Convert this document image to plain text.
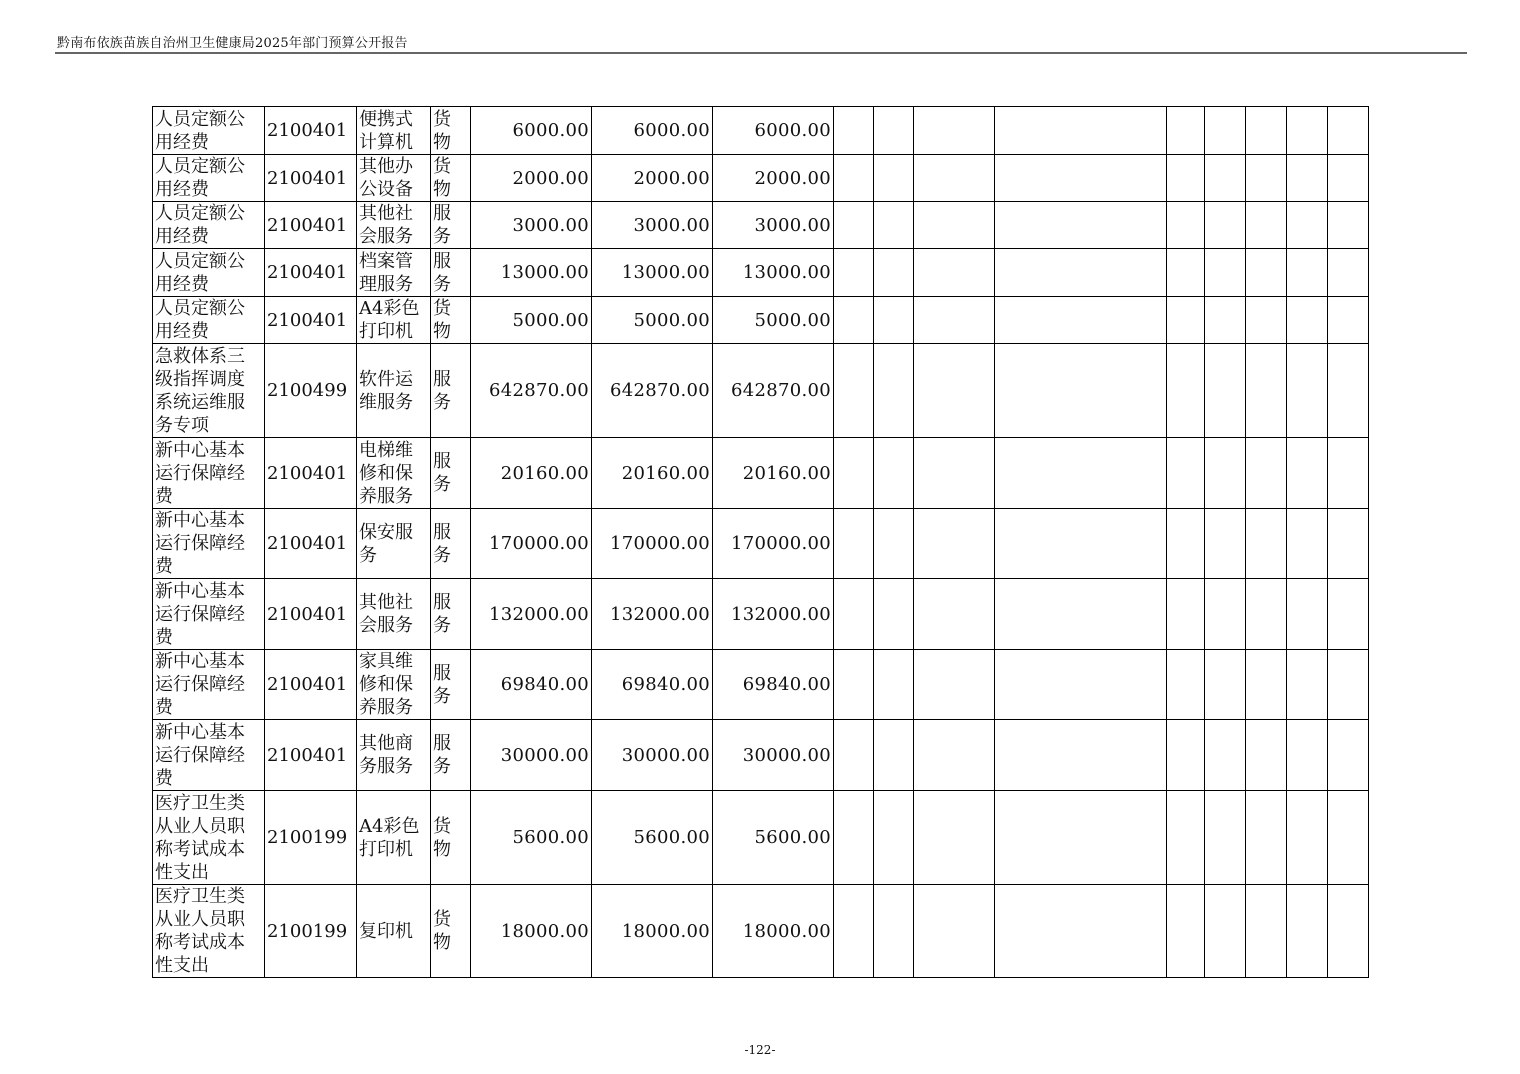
黔南布依族苗族自治州卫生健康局2025年部门预算公开报告
人员定额公用经费	2100401	便携式计算机	货物	6000.00	6000.00	6000.00									
人员定额公用经费	2100401	其他办公设备	货物	2000.00	2000.00	2000.00									
人员定额公用经费	2100401	其他社会服务	服务	3000.00	3000.00	3000.00									
人员定额公用经费	2100401	档案管理服务	服务	13000.00	13000.00	13000.00									
人员定额公用经费	2100401	A4彩色打印机	货物	5000.00	5000.00	5000.00									
急救体系三级指挥调度系统运维服务专项	2100499	软件运维服务	服务	642870.00	642870.00	642870.00									
新中心基本运行保障经费	2100401	电梯维修和保养服务	服务	20160.00	20160.00	20160.00									
新中心基本运行保障经费	2100401	保安服务	服务	170000.00	170000.00	170000.00									
新中心基本运行保障经费	2100401	其他社会服务	服务	132000.00	132000.00	132000.00									
新中心基本运行保障经费	2100401	家具维修和保养服务	服务	69840.00	69840.00	69840.00									
新中心基本运行保障经费	2100401	其他商务服务	服务	30000.00	30000.00	30000.00									
医疗卫生类从业人员职称考试成本性支出	2100199	A4彩色打印机	货物	5600.00	5600.00	5600.00									
医疗卫生类从业人员职称考试成本性支出	2100199	复印机	货物	18000.00	18000.00	18000.00									
-122-
